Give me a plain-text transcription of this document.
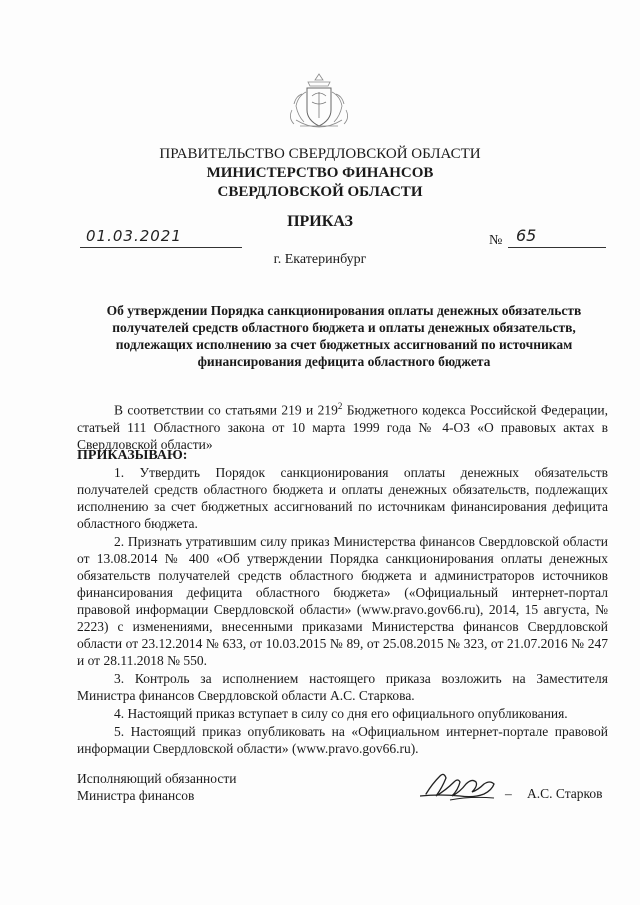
ПРАВИТЕЛЬСТВО СВЕРДЛОВСКОЙ ОБЛАСТИ
МИНИСТЕРСТВО ФИНАНСОВ
СВЕРДЛОВСКОЙ ОБЛАСТИ
ПРИКАЗ
01.03.2021	№ 65
г. Екатеринбург
Об утверждении Порядка санкционирования оплаты денежных обязательств получателей средств областного бюджета и оплаты денежных обязательств, подлежащих исполнению за счет бюджетных ассигнований по источникам финансирования дефицита областного бюджета

В соответствии со статьями 219 и $219^2$ Бюджетного кодекса Российской Федерации, статьей 111 Областного закона от 10 марта 1999 года № 4-ОЗ «О правовых актах в Свердловской области»

ПРИКАЗЫВАЮ:

1. Утвердить Порядок санкционирования оплаты денежных обязательств получателей средств областного бюджета и оплаты денежных обязательств, подлежащих исполнению за счет бюджетных ассигнований по источникам финансирования дефицита областного бюджета.

2. Признать утратившим силу приказ Министерства финансов Свердловской области от 13.08.2014 № 400 «Об утверждении Порядка санкционирования оплаты денежных обязательств получателей средств областного бюджета и администраторов источников финансирования дефицита областного бюджета» («Официальный интернет-портал правовой информации Свердловской области» (www.pravo.gov66.ru), 2014, 15 августа, № 2223) с изменениями, внесенными приказами Министерства финансов Свердловской области от 23.12.2014 № 633, от 10.03.2015 № 89, от 25.08.2015 № 323, от 21.07.2016 № 247 и от 28.11.2018 № 550.

3. Контроль за исполнением настоящего приказа возложить на Заместителя Министра финансов Свердловской области А.С. Старкова.

4. Настоящий приказ вступает в силу со дня его официального опубликования.

5. Настоящий приказ опубликовать на «Официальном интернет-портале правовой информации Свердловской области» (www.pravo.gov66.ru).

Исполняющий обязанности
Министра финансов	– А.С. Старков
